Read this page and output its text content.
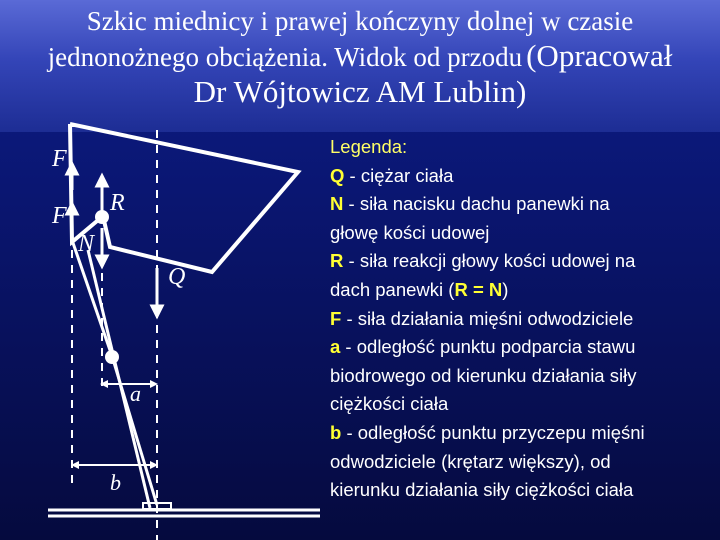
Szkic miednicy i prawej kończyny dolnej w czasie
jednonożnego obciążenia. Widok od przodu (Opracował
Dr Wójtowicz AM Lublin)
F
F R
N
Q
a
b
Legenda:
Q - ciężar ciała
N - siła nacisku dachu panewki na
głowę kości udowej
R - siła reakcji głowy kości udowej na
dach panewki (R = N)
F - siła działania mięśni odwodziciele
a - odległość punktu podparcia stawu
biodrowego od kierunku działania siły
ciężkości ciała
b - odległość punktu przyczepu mięśni
odwodziciele (krętarz większy), od
kierunku działania siły ciężkości ciała
